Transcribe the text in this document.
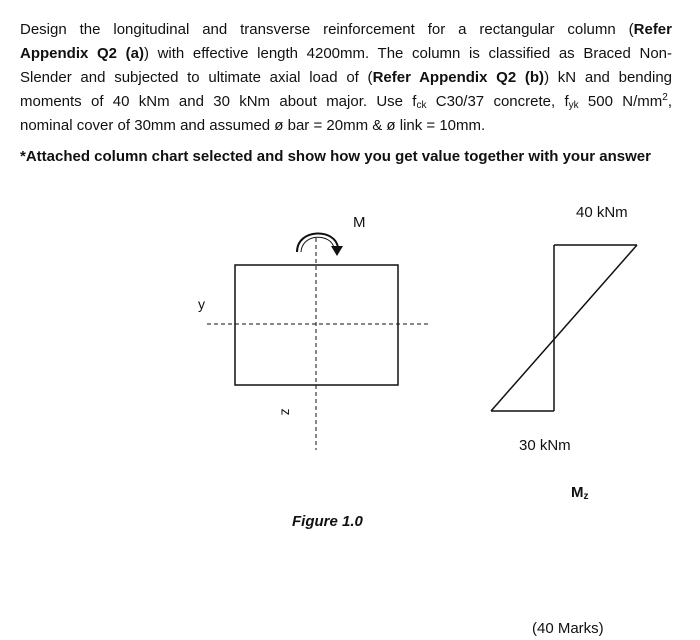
Design the longitudinal and transverse reinforcement for a rectangular column (Refer
Appendix Q2 (a)) with effective length 4200mm. The column is classified as Braced Non-
Slender and subjected to ultimate axial load of (Refer Appendix Q2 (b)) kN and bending
moments of 40 kNm and 30 kNm about major. Use $f_{ck}$ C30/37 concrete, $f_{yk}$ 500 $N/mm^2$,
nominal cover of 30mm and assumed ø bar = 20mm & ø link = 10mm.
*Attached column chart selected and show how you get value together with your answer
M
y
z
40 kNm
30 kNm
$M_z$
Figure 1.0
(40 Marks)
